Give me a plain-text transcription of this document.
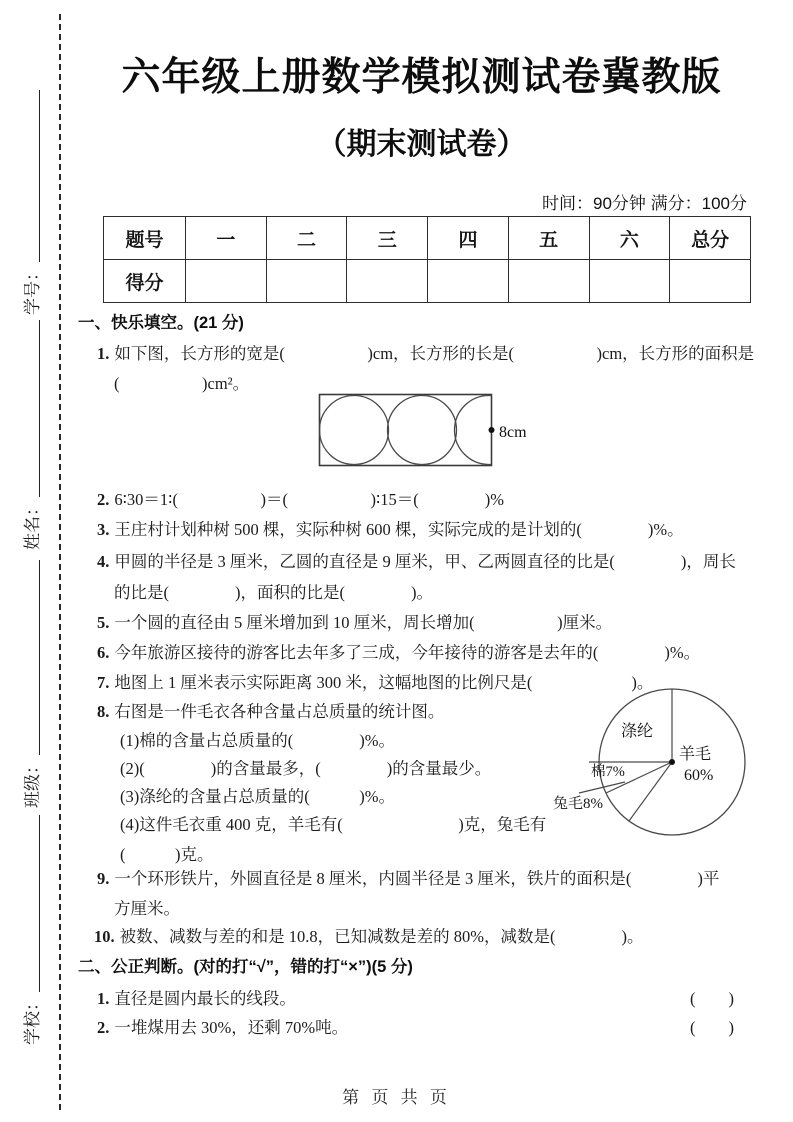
学号：
姓名：
班级：
学校：
六年级上册数学模拟测试卷冀教版
（期末测试卷）
时间：90分钟 满分：100分
题号	一	二	三	四	五	六	总分
得分							
一、快乐填空。(21 分)
1. 如下图，长方形的宽是(　　　　　)cm，长方形的长是(　　　　　)cm，长方形的面积是
(　　　　　)cm²。
8cm
2. 6∶30＝1∶(　　　　　)＝(　　　　　)∶15＝(　　　　)%
3. 王庄村计划种树 500 棵，实际种树 600 棵，实际完成的是计划的(　　　　)%。
4. 甲圆的半径是 3 厘米，乙圆的直径是 9 厘米，甲、乙两圆直径的比是(　　　　)，周长
的比是(　　　　)，面积的比是(　　　　)。
5. 一个圆的直径由 5 厘米增加到 10 厘米，周长增加(　　　　　)厘米。
6. 今年旅游区接待的游客比去年多了三成，今年接待的游客是去年的(　　　　)%。
7. 地图上 1 厘米表示实际距离 300 米，这幅地图的比例尺是(　　　　　　)。
8. 右图是一件毛衣各种含量占总质量的统计图。
(1)棉的含量占总质量的(　　　　)%。
(2)(　　　　)的含量最多，(　　　　)的含量最少。
(3)涤纶的含量占总质量的(　　　)%。
(4)这件毛衣重 400 克，羊毛有(　　　　　　　)克，兔毛有
(　　　)克。
涤纶
羊毛
60%
棉7%
兔毛8%
9. 一个环形铁片，外圆直径是 8 厘米，内圆半径是 3 厘米，铁片的面积是(　　　　)平
方厘米。
10. 被数、减数与差的和是 10.8，已知减数是差的 80%，减数是(　　　　)。
二、公正判断。(对的打“√”，错的打“×”)(5 分)
1. 直径是圆内最长的线段。	(　　)
2. 一堆煤用去 30%，还剩 70%吨。	(　　)
第 页 共 页
